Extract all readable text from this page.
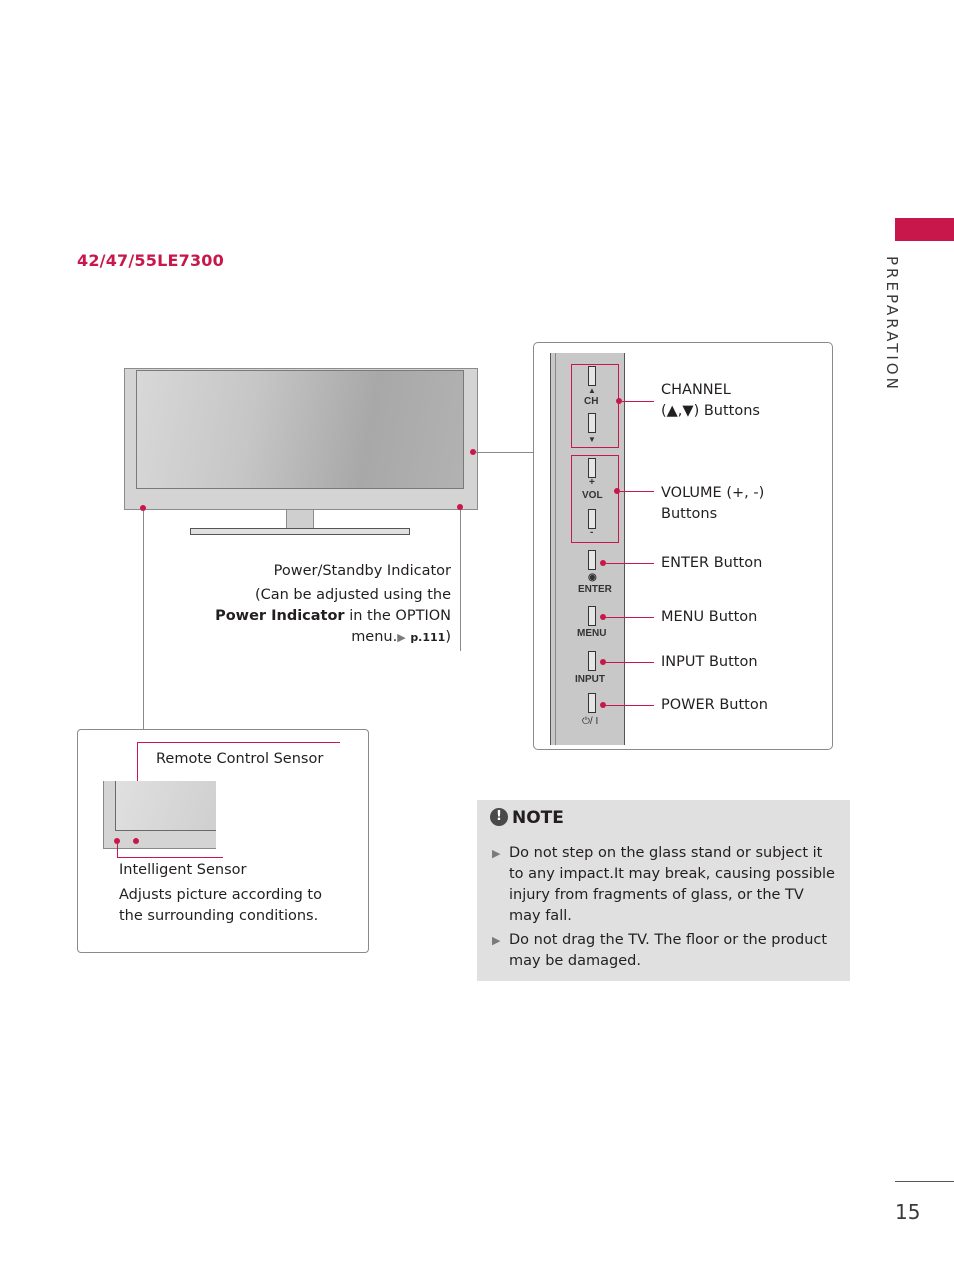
42/47/55LE7300	PREPARATION
15
Power/Standby Indicator
(Can be adjusted using the
Power Indicator in the OPTION
menu.▶ p.111)
▲
CH
▼
+
VOL
-
◉
ENTER
MENU
INPUT
⏻/ I
CHANNEL
(▲,▼) Buttons
VOLUME (+, -)
Buttons
ENTER Button
MENU Button
INPUT Button
POWER Button
Remote Control Sensor
Intelligent Sensor
Adjusts picture according to
the surrounding conditions.
! NOTE
▶ Do not step on the glass stand or subject it
to any impact.It may break, causing possible
injury from fragments of glass, or the TV
may fall.
▶ Do not drag the TV. The floor or the product
may be damaged.
